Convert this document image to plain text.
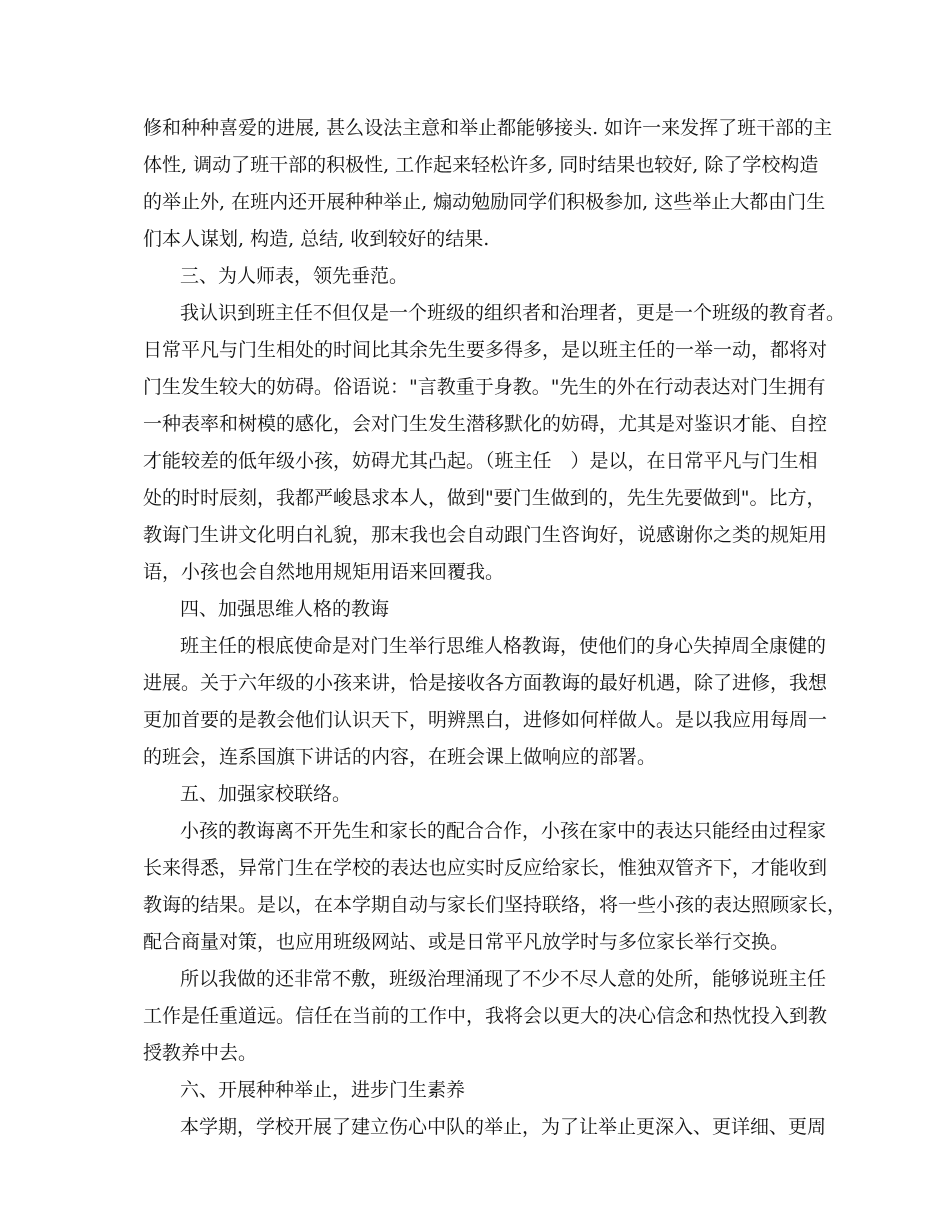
修和种种喜爱的进展, 甚么设法主意和举止都能够接头. 如许一来发挥了班干部的主
体性, 调动了班干部的积极性, 工作起来轻松许多, 同时结果也较好, 除了学校构造
的举止外, 在班内还开展种种举止, 煽动勉励同学们积极参加, 这些举止大都由门生
们本人谋划, 构造, 总结, 收到较好的结果.
三、为人师表，领先垂范。
我认识到班主任不但仅是一个班级的组织者和治理者，更是一个班级的教育者。
日常平凡与门生相处的时间比其余先生要多得多，是以班主任的一举一动，都将对
门生发生较大的妨碍。俗语说："言教重于身教。"先生的外在行动表达对门生拥有
一种表率和树模的感化，会对门生发生潜移默化的妨碍，尤其是对鉴识才能、自控
才能较差的低年级小孩，妨碍尤其凸起。（班主任　）是以，在日常平凡与门生相
处的时时辰刻，我都严峻恳求本人，做到"要门生做到的，先生先要做到"。比方，
教诲门生讲文化明白礼貌，那末我也会自动跟门生咨询好，说感谢你之类的规矩用
语，小孩也会自然地用规矩用语来回覆我。
四、加强思维人格的教诲
班主任的根底使命是对门生举行思维人格教诲，使他们的身心失掉周全康健的
进展。关于六年级的小孩来讲，恰是接收各方面教诲的最好机遇，除了进修，我想
更加首要的是教会他们认识天下，明辨黑白，进修如何样做人。是以我应用每周一
的班会，连系国旗下讲话的内容，在班会课上做响应的部署。
五、加强家校联络。
小孩的教诲离不开先生和家长的配合合作，小孩在家中的表达只能经由过程家
长来得悉，异常门生在学校的表达也应实时反应给家长，惟独双管齐下，才能收到
教诲的结果。是以，在本学期自动与家长们坚持联络，将一些小孩的表达照顾家长，
配合商量对策，也应用班级网站、或是日常平凡放学时与多位家长举行交换。
所以我做的还非常不敷，班级治理涌现了不少不尽人意的处所，能够说班主任
工作是任重道远。信任在当前的工作中，我将会以更大的决心信念和热忱投入到教
授教养中去。
六、开展种种举止，进步门生素养
本学期，学校开展了建立伤心中队的举止，为了让举止更深入、更详细、更周
